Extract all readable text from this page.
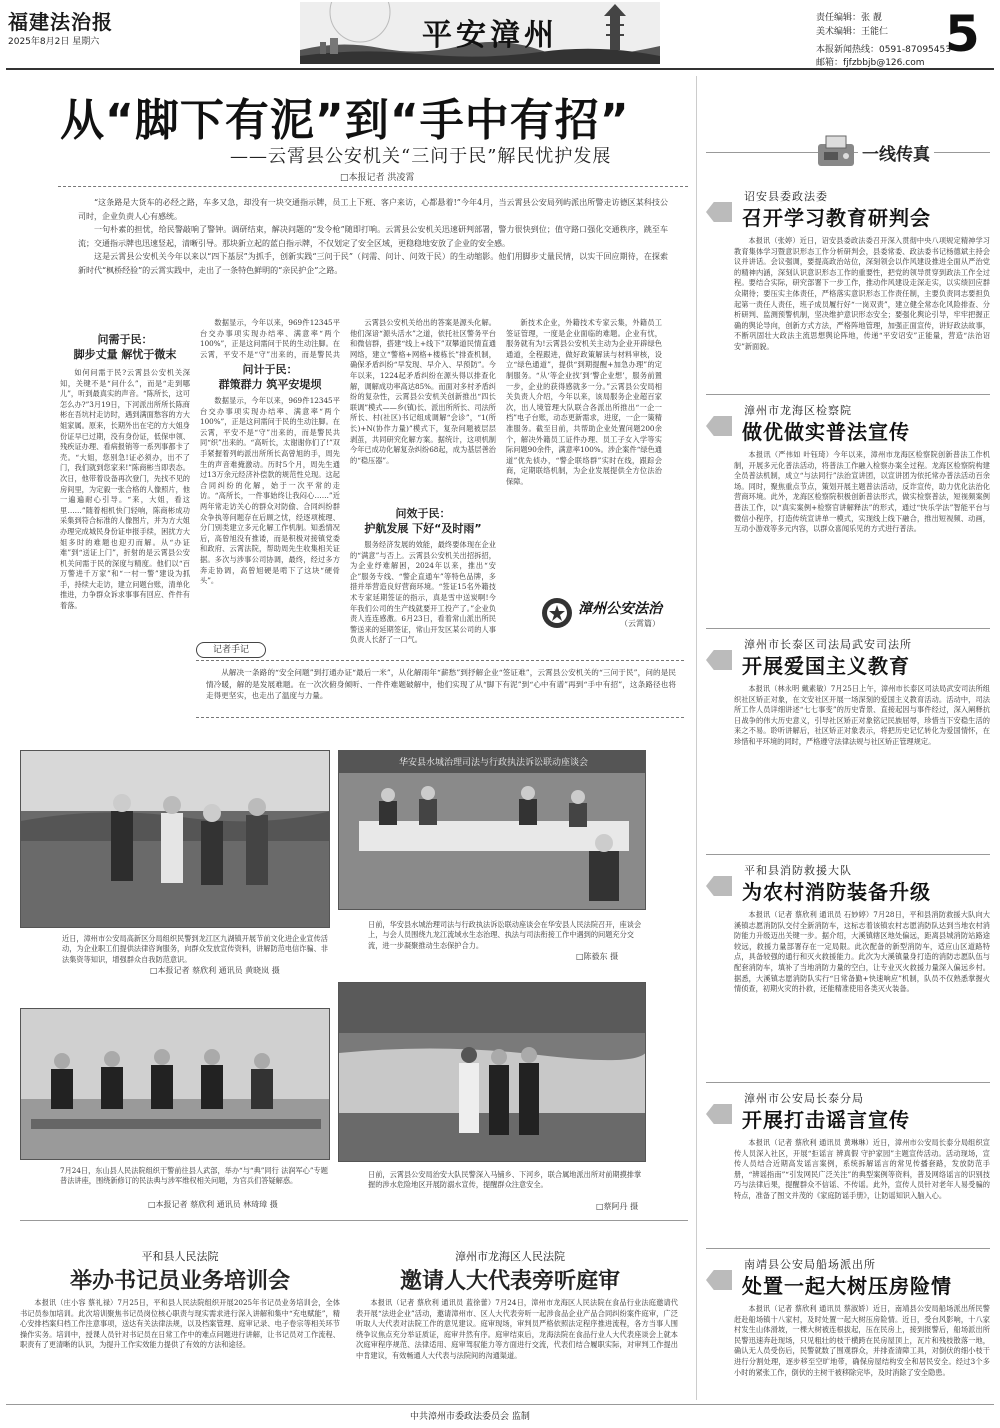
福建法治报
2025年8月2日 星期六	平安漳州	责任编辑：张 靓
美术编辑：王能仁
本报新闻热线：0591-87095453
邮箱：fjfzbbjb@126.com 5
从“脚下有泥”到“手中有招”
——云霄县公安机关“三问于民”解民忧护发展
□本报记者 洪凌霄

“这条路是大货车的必经之路，车多又急，却没有一块交通指示牌，员工上下班、客户来访，心都悬着!”今年4月，当云霄县公安局列屿派出所警走访德区某科技公司时，企业负责人心有感统。

一句朴素的担忧，给民警敲响了警钟。调研结束，解决问题的“发令枪”随即打响。云霄县公安机关迅速研判部署，警力很快到位；值守路口强化交通秩序，跳至车流；交通指示牌也迅速竖起，清晰引导。那块新立起的蓝白指示牌，不仅划定了安全区域，更稳稳地安放了企业的安全感。

这是云霄县公安机关今年以来以“四下基层”为抓手，创新实践“三问于民”（问需、问计、问效于民）的生动缩影。他们用脚步丈量民情，以实干回应期待，在探索新时代“枫桥经验”的云霄实践中，走出了一条特色鲜明的“亲民护企”之路。

问需于民：
脚步丈量 解忧于微末

如何问需于民?云霄县公安机关深知，关键不是“问什么”，而是“走到哪儿”，听到最真实的声音。“陈所长，这可怎么办?”3月19日，下河派出所所长陈商彬在吾坑村走访时，遇到满面愁容的方大姐家属。原来，长期外出在宅的方大姐身份证早已过期，没有身份证，低保申领、残疾证办理、看病报销等一系列事都卡了壳。“大姐，您别急!证必须办，出不了门，我们就到您家来!”陈商彬当即表态。次日，他带着设备再次登门，先找不见的房间里，为定毅一张合格的人像照片，他一遍遍耐心引导。“来，大姐，看这里……”随着相机快门轻响，陈商彬成功采集到符合标准的人像图片，并为方大姐办理完成城民身份证申报手续，困扰方大姐多时的难题也迎刃而解。从“办证难”到“送证上门”，折射的是云霄县公安机关问需于民的深度与精度。他们以“百万警进千万家”和“一村一警”建设为抓手，持续大走访，建立问题台账，清单化推进，力争群众诉求事事有回应、件件有着落。

数据显示，今年以来，969件12345平台交办事项实现办结率、满意率“两个100%”，正是这问需问于民的生动注脚。在云霄，平安不是“守”出来的，而是警民共

问计于民：
群策群力 筑平安堤坝

数据显示，今年以来，969件12345平台交办事项实现办结率、满意率“两个100%”，正是这问需问于民的生动注脚。在云霄，平安不是“守”出来的，而是警民共同“织”出来的。“高听长，太谢谢你们了!”双手紧握着列屿派出所所长高曾旭的手，周先生的声音难掩激动。历时5个月，周先生通过13万余元经济补偿款的规范性兑现。这起合同纠纷的化解，始于一次平常的走访。“高所长，一件事始终让我闷心……”近两年常走访关心的群众对防偷、合同纠纷群众争执等问题存在后顾之忧，经逐项梳理、分门别类建立多元化解工作机制。知悉情况后，高曾旭没有推诿，而是积极对接镇党委和政府、云霄法院，帮助周先生收集相关证据。多次与涉事公司协调，最终，经过多方奔走协调，高曾旭硬是啃下了这块“硬骨头”。

云霄县公安机关给出的答案是源头化解。他们深谙“源头活水”之道，依托社区警务平台和微信群，搭建“线上+线下”双攀道民情直通网络，建立“警格+网格+楼栋长”排查机制，确保矛盾纠纷“早发现、早介入、早预防”。今年以来，1224起矛盾纠纷在源头得以排查化解，调解成功率高达85%。而面对多村矛盾纠纷的复杂性，云霄县公安机关创新推出“四长联调”模式——乡(镇)长、派出所所长、司法所所长、村(社区)书记组成调解“会诊”，“1(所长)+N(协作力量)”模式下，复杂问题被层层剥茧，共同研究化解方案。据统计，这项机制今年已成功化解复杂纠纷68起，成为基层善治的“稳压器”。

问效于民：
护航发展 下好“及时雨”

服务经济发展的效能，最终要体现在企业的“满意”与否上。云霄县公安机关出招拆招，为企业纾难解困，2024年以来，推出“安企”服务专线、“警企直通车”等特色品牌，多措并举营造良好营商环境。“签证15名外籍技术专家延期签证的指示，真是雪中送炭啊!今年我们公司的生产线就要开工投产了。”企业负责人连连感激。6月23日，看着常山派出所民警送来的延期签证，常山开发区某公司的人事负责人长舒了一口气。

新技术企业，外籍技术专家云集，外籍员工签证管理，一度是企业面临的难题。企业有忧，服务就有为!云霄县公安机关主动为企业开辟绿色通道，全程跟进，做好政策解读与材料审核，设立“绿色通道”，提供“到期提醒+加急办理”的定制服务。“从‘等企业找’到‘警企业想’，服务前置一步，企业的获得感就多一分。”云霄县公安局相关负责人介绍，今年以来，该局服务企业超百家次，出人境管理大队联合各派出所推出“一企一档”电子台账，动态更新需求，进度，一企一策精准服务。截至目前，共帮助企业处置问题200余个，解决外籍员工证件办理、员工子女入学等实际问题90余件，满意率100%。涉企案件“绿色通道”优先侦办，“警企联络群”实时在线，跟踪会商，定期联络机制，为企业发展提供全方位法治保障。

漳州公安法治
（云霄篇）
记者手记

从解决一条路的“安全问题”到打通办证“最后一米”，从化解雨年“薪愁”到抒解企业“签证难”，云霄县公安机关的“三问于民”，问的是民情冷暖，解的是发展难题。在一次次俯身倾听、一件件难题破解中，他们实现了从“脚下有泥”到“心中有谱”再到“手中有招”，这条路径也将走得更坚实，也走出了温度与力量。

近日，漳州市公安局高新区分局组织民警到龙江区九湖镇开展节前文化进企业宣传活动，为企业职工们提供法律咨询服务，向群众发放宣传资料，讲解防范电信诈骗、非法集资等知识，增强群众自我防范意识。
□本报记者 蔡欣利 通讯员 黄晓岚 摄
华安县水城治理司法与行政执法诉讼联动座谈会
日前，华安县水城治理司法与行政执法诉讼联动座谈会在华安县人民法院召开，座谈会上，与会人员围绕九龙江流域水生态治理、执法与司法衔接工作中遇到的问题充分交流，进一步凝聚推动生态保护合力。
□陈毅东 摄
7月24日，东山县人民法院组织干警前往县人武部，举办“与“典”同行 法润军心”专题普法讲座，围绕新修订的民法典与涉军维权相关问题，为官兵们答疑解惑。
□本报记者 蔡欣利 通讯员 林琦璋 摄
日前，云霄县公安局治安大队民警深入马铺乡、下河乡，联合属地派出所对前期摸排掌握的涉水危险地区开展防溺水宣传，提醒群众注意安全。
□蔡阿丹 摄
平和县人民法院
举办书记员业务培训会

本报讯（庄小容 蔡礼禄）7月25日，平和县人民法院组织开展2025年书记员业务培训会，全体书记员参加培训。此次培训聚焦书记员岗位核心职责与现实需求进行深入讲解和集中“充电赋能”，精心安排档案归档工作注意事项，送达有关法律法规，以及档案管理、庭审记录、电子卷宗等相关环节操作实务。培训中，授课人员针对书记员在日常工作中的难点问题进行讲解，让书记员对工作流程、职责有了更清晰的认识，为提升工作实效能力提供了有效的方法和途径。

漳州市龙海区人民法院
邀请人大代表旁听庭审

本报讯（记者 蔡欣利 通讯员 蓝徐蕾）7月24日，漳州市龙海区人民法院在食品行业法庭邀请代表开展“法进企业”活动，邀请漳州市、区人大代表旁听一起涉食品企业产品合同纠纷案件庭审，广泛听取人大代表对法院工作的意见建议。庭审现场，审判员严格依照法定程序推进流程，各方当事人围绕争议焦点充分举证质证，庭审井然有序。庭审结束后，龙海法院在食品行业人大代表座谈会上就本次庭审程序规范、法律适用、庭审驾驭能力等方面进行交流，代表们结合履职实际，对审判工作提出中肯建议，有效畅通人大代表与法院间的沟通渠道。

中共漳州市委政法委员会 监制
一线传真
诏安县委政法委
召开学习教育研判会

本报讯（张婷）近日，诏安县委政法委召开深入贯彻中央八项规定精神学习教育集体学习暨意识形态工作分析研判会，县委常委、政法委书记杨德斌主持会议并讲话。会议强调，要提高政治站位，深刻领会以作风建设推进全面从严治党的精神内涵，深刻认识意识形态工作的重要性，把党的领导贯穿到政法工作全过程。要结合实际，研究部署下一步工作，推动作风建设走深走实，以实绩回应群众期待；要压实主体责任，严格落实意识形态工作责任制，主要负责同志要担负起第一责任人责任，班子成员履行好“一岗双责”，建立健全常态化风险排查、分析研判、监测预警机制，坚决维护意识形态安全；要强化舆论引导，牢牢把握正确的舆论导向，创新方式方法，严格阵地管理，加强正面宣传，讲好政法故事，不断巩固壮大政法主流思想舆论阵地，传递“平安诏安”正能量，营造“法治诏安”新面貌。

漳州市龙海区检察院
做优做实普法宣传

本报讯（严伟如 叶钰琦）今年以来，漳州市龙海区检察院创新普法工作机制，开展多元化普法活动，将普法工作融入检察办案全过程。龙海区检察院构建全员普法机制，成立“与法同行”法治宣讲团，以宣讲团为依托常办普法活动百余场。同时，聚焦重点节点，策划开展主题普法活动，反诈宣传，助力优化法治化营商环境。此外，龙海区检察院积极创新普法形式，做实检察普法，短视频案例普法工作，以“真实案例+检察官讲解释法”的形式，通过“快乐学法”智能平台与微信小程序，打造传统宣讲单一模式，实现线上线下融合，推出短视频、动画，互动小游戏等多元内容，以群众喜闻乐见的方式进行普法。

漳州市长泰区司法局武安司法所
开展爱国主义教育

本报讯（林永明 戴素敏）7月25日上午，漳州市长泰区司法局武安司法所组织社区矫正对象，在文安社区开展一场深刻的爱国主义教育活动。活动中，司法所工作人员详细讲述“七七事变”的历史背景、直接起因与事件经过，深入阐释抗日战争的伟大历史意义，引导社区矫正对象铭记民族屈辱，珍惜当下安稳生活的来之不易。聆听讲解后，社区矫正对象表示，将把历史记忆转化为爱国情怀，在珍惜和平环境的同时，严格遵守法律法规与社区矫正管理规定。

平和县消防救援大队
为农村消防装备升级

本报讯（记者 蔡欣利 通讯员 石妙婷）7月28日，平和县消防救援大队向大溪镇志愿消防队交付全新消防车，这标志着该镇农村志愿消防队达到当地农村消防能力升级迈出关键一步。据介绍，大溪镇辖区地处偏远，距离县城消防站路途较远，救援力量部署存在一定局限。此次配备的新型消防车，适应山区道路特点，具备较强的通行和灭火救援能力。此次为大溪镇量身打造的消防志愿队伍与配套消防车，填补了当地消防力量的空白，让专业灭火救援力量深入偏远乡村。据悉，大溪镇志愿消防队实行“日常备勤+快速响应”机制，队员不仅熟悉掌握火情侦查，初期火灾的扑救，还能精准使用各类灭火装备。

漳州市公安局长泰分局
开展打击谣言宣传

本报讯（记者 蔡欣利 通讯员 黄琳琳）近日，漳州市公安局长泰分局组织宣传人员深入社区，开展“拒谣言 辨真假 守护家园”主题宣传活动。活动现场，宣传人员结合近期高发谣言案例，系统拆解谣言的常见传播套路，发放防范手册，“辨谣指南”“引发网民广泛关注”的典型案例等资料，普及网络谣言的识别技巧与法律后果，提醒群众不信谣、不传谣。此外，宣传人员针对老年人易受骗的特点，准备了图文并茂的《家庭防谣手册》，让防谣知识入脑入心。

南靖县公安局船场派出所
处置一起大树压房险情

本报讯（记者 蔡欣利 通讯员 蔡淑娇）近日，南靖县公安局船场派出所民警赶赴船场镇十八家村，及时处置一起大树压房险情。近日，受台风影响，十八家村发生山体滑坡，一棵大树被连根拔起，压在民房上，接到报警后，船场派出所民警迅速奔赴现场，只见粗壮的枝干横跨在民房屋顶上，瓦片和残枝散落一地，确认无人员受伤后，民警就数了围观群众，并排查清障工具，对倒伏的细小枝干进行分割处理，逐步移至空旷地带，确保房屋结构安全和居民安全。经过3个多小时的紧张工作，倒伏的主树干被移除完毕，及时消除了安全隐患。
